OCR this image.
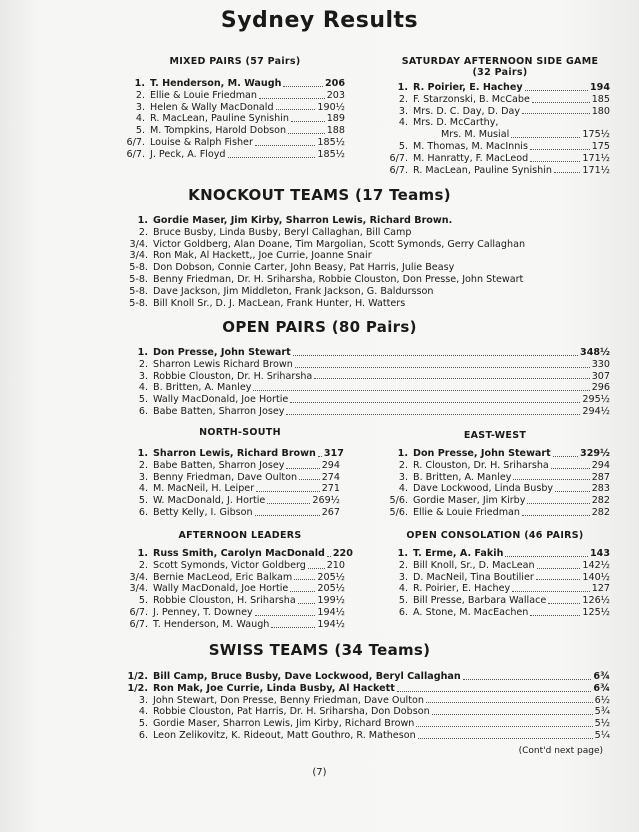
Sydney Results
MIXED PAIRS (57 Pairs)
1. T. Henderson, M. Waugh	206
2. Ellie & Louie Friedman	203
3. Helen & Wally MacDonald	190½
4. R. MacLean, Pauline Synishin	189
5. M. Tompkins, Harold Dobson	188
6/7. Louise & Ralph Fisher	185½
6/7. J. Peck, A. Floyd	185½
SATURDAY AFTERNOON SIDE GAME
(32 Pairs)
1. R. Poirier, E. Hachey	194
2. F. Starzonski, B. McCabe	185
3. Mrs. D. C. Day, D. Day	180
4. Mrs. D. McCarthy,
Mrs. M. Musial	175½
5. M. Thomas, M. MacInnis	175
6/7. M. Hanratty, F. MacLeod	171½
6/7. R. MacLean, Pauline Synishin	171½
KNOCKOUT TEAMS (17 Teams)
1. Gordie Maser, Jim Kirby, Sharron Lewis, Richard Brown.
2. Bruce Busby, Linda Busby, Beryl Callaghan, Bill Camp
3/4. Victor Goldberg, Alan Doane, Tim Margolian, Scott Symonds, Gerry Callaghan
3/4. Ron Mak, Al Hackett,, Joe Currie, Joanne Snair
5-8. Don Dobson, Connie Carter, John Beasy, Pat Harris, Julie Beasy
5-8. Benny Friedman, Dr. H. Sriharsha, Robbie Clouston, Don Presse, John Stewart
5-8. Dave Jackson, Jim Middleton, Frank Jackson, G. Baldursson
5-8. Bill Knoll Sr., D. J. MacLean, Frank Hunter, H. Watters
OPEN PAIRS (80 Pairs)
1. Don Presse, John Stewart	348½
2. Sharron Lewis Richard Brown	330
3. Robbie Clouston, Dr. H. Sriharsha	307
4. B. Britten, A. Manley	296
5. Wally MacDonald, Joe Hortie	295½
6. Babe Batten, Sharron Josey	294½
NORTH-SOUTH
1. Sharron Lewis, Richard Brown 317
2. Babe Batten, Sharron Josey	294
3. Benny Friedman, Dave Oulton	274
4. M. MacNeil, H. Leiper	271
5. W. MacDonald, J. Hortie	269½
6. Betty Kelly, I. Gibson	267
EAST-WEST
1. Don Presse, John Stewart	329½
2. R. Clouston, Dr. H. Sriharsha	294
3. B. Britten, A. Manley	287
4. Dave Lockwood, Linda Busby	283
5/6. Gordie Maser, Jim Kirby	282
5/6. Ellie & Louie Friedman	282
AFTERNOON LEADERS
1. Russ Smith, Carolyn MacDonald 220
2. Scott Symonds, Victor Goldberg 210
3/4. Bernie MacLeod, Eric Balkam	205½
3/4. Wally MacDonald, Joe Hortie	205½
5. Robbie Clouston, H. Sriharsha 199½
6/7. J. Penney, T. Downey	194½
6/7. T. Henderson, M. Waugh	194½
OPEN CONSOLATION (46 PAIRS)
1. T. Erme, A. Fakih	143
2. Bill Knoll, Sr., D. MacLean	142½
3. D. MacNeil, Tina Boutilier	140½
4. R. Poirier, E. Hachey	127
5. Bill Presse, Barbara Wallace	126½
6. A. Stone, M. MacEachen	125½
SWISS TEAMS (34 Teams)
1/2. Bill Camp, Bruce Busby, Dave Lockwood, Beryl Callaghan	6¾
1/2. Ron Mak, Joe Currie, Linda Busby, Al Hackett	6¾
3. John Stewart, Don Presse, Benny Friedman, Dave Oulton	6½
4. Robbie Clouston, Pat Harris, Dr. H. Sriharsha, Don Dobson	5¾
5. Gordie Maser, Sharron Lewis, Jim Kirby, Richard Brown	5½
6. Leon Zelikovitz, K. Rideout, Matt Gouthro, R. Matheson	5¼
(Cont'd next page)
(7)
